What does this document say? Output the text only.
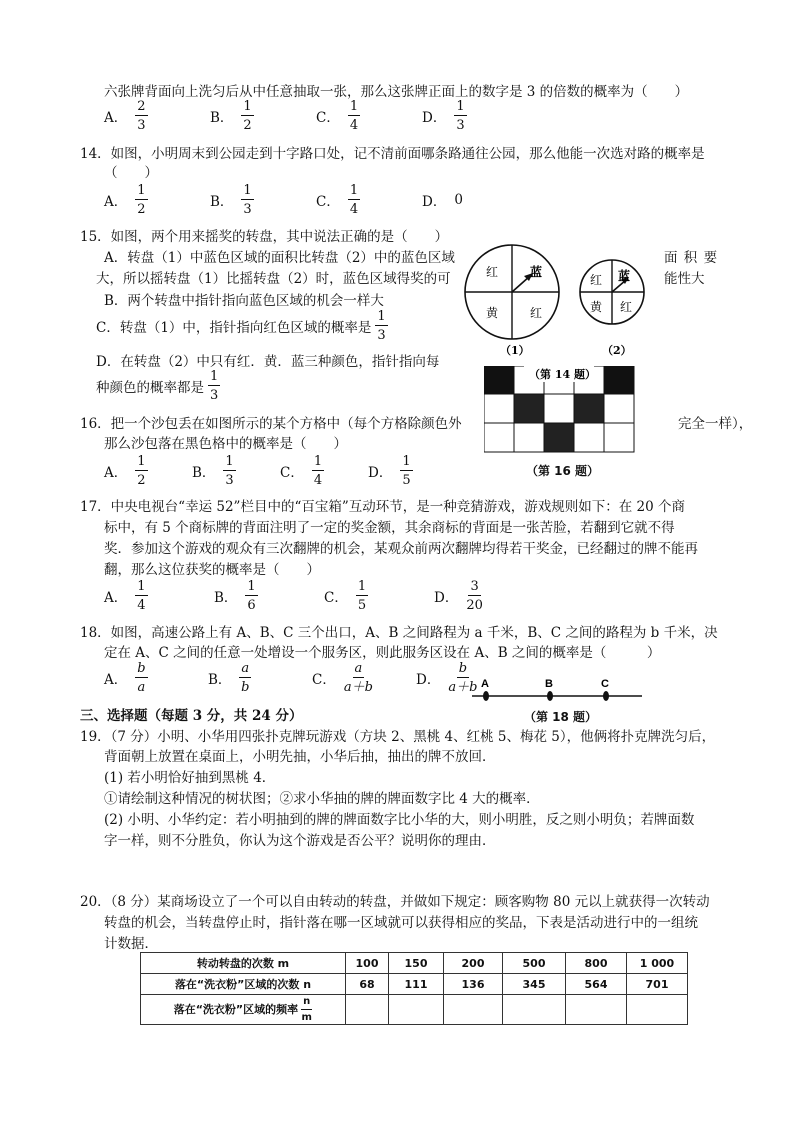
六张牌背面向上洗匀后从中任意抽取一张，那么这张牌正面上的数字是 3 的倍数的概率为（　　）
A． $\frac{2}{3}$	B． $\frac{1}{2}$	C． $\frac{1}{4}$	D． $\frac{1}{3}$
14．如图，小明周末到公园走到十字路口处，记不清前面哪条路通往公园，那么他能一次选对路的概率是
（　　）
A． $\frac{1}{2}$	B． $\frac{1}{3}$	C． $\frac{1}{4}$	D． 0
15．如图，两个用来摇奖的转盘，其中说法正确的是（　　）
A．转盘（1）中蓝色区域的面积比转盘（2）中的蓝色区域	面 积 要
大，所以摇转盘（1）比摇转盘（2）时，蓝色区域得奖的可	能性大
B．两个转盘中指针指向蓝色区域的机会一样大
C．转盘（1）中，指针指向红色区域的概率是 $\frac{1}{3}$
D．在转盘（2）中只有红．黄．蓝三种颜色，指针指向每
种颜色的概率都是 $\frac{1}{3}$
红	蓝
黄	红
（1）
红 蓝
黄 红
（2）
（第 14 题）
16．把一个沙包丢在如图所示的某个方格中（每个方格除颜色外	完全一样），
那么沙包落在黑色格中的概率是（　　）
A． $\frac{1}{2}$	B． $\frac{1}{3}$	C． $\frac{1}{4}$	D． $\frac{1}{5}$	（第 16 题）
17．中央电视台“幸运 52”栏目中的“百宝箱”互动环节，是一种竞猜游戏，游戏规则如下：在 20 个商
标中，有 5 个商标牌的背面注明了一定的奖金额，其余商标的背面是一张苦脸，若翻到它就不得
奖．参加这个游戏的观众有三次翻牌的机会，某观众前两次翻牌均得若干奖金，已经翻过的牌不能再
翻，那么这位获奖的概率是（　　）
A． $\frac{1}{4}$	B． $\frac{1}{6}$	C． $\frac{1}{5}$	D． $\frac{3}{20}$
18．如图，高速公路上有 A、B、C 三个出口，A、B 之间路程为 a 千米，B、C 之间的路程为 b 千米，决
定在 A、C 之间的任意一处增设一个服务区，则此服务区设在 A、B 之间的概率是（　　　）
A． $\frac{b}{a}$	B． $\frac{a}{b}$	C． $\frac{a}{a+b}$	D． $\frac{b}{a+b}$ A	B	C
（第 18 题）
三、选择题（每题 3 分，共 24 分）
19．（7 分）小明、小华用四张扑克牌玩游戏（方块 2、黑桃 4、红桃 5、梅花 5），他俩将扑克牌洗匀后，
背面朝上放置在桌面上，小明先抽，小华后抽，抽出的牌不放回．
(1) 若小明恰好抽到黑桃 4．
①请绘制这种情况的树状图；②求小华抽的牌的牌面数字比 4 大的概率．
(2) 小明、小华约定：若小明抽到的牌的牌面数字比小华的大，则小明胜，反之则小明负；若牌面数
字一样，则不分胜负，你认为这个游戏是否公平？说明你的理由．
20．（8 分）某商场设立了一个可以自由转动的转盘，并做如下规定：顾客购物 80 元以上就获得一次转动
转盘的机会，当转盘停止时，指针落在哪一区域就可以获得相应的奖品，下表是活动进行中的一组统
计数据．
转动转盘的次数 m	100	150	200	500	800	1 000
落在“洗衣粉”区域的次数 n	68	111	136	345	564	701
落在“洗衣粉”区域的频率 $\frac{n}{m}$
